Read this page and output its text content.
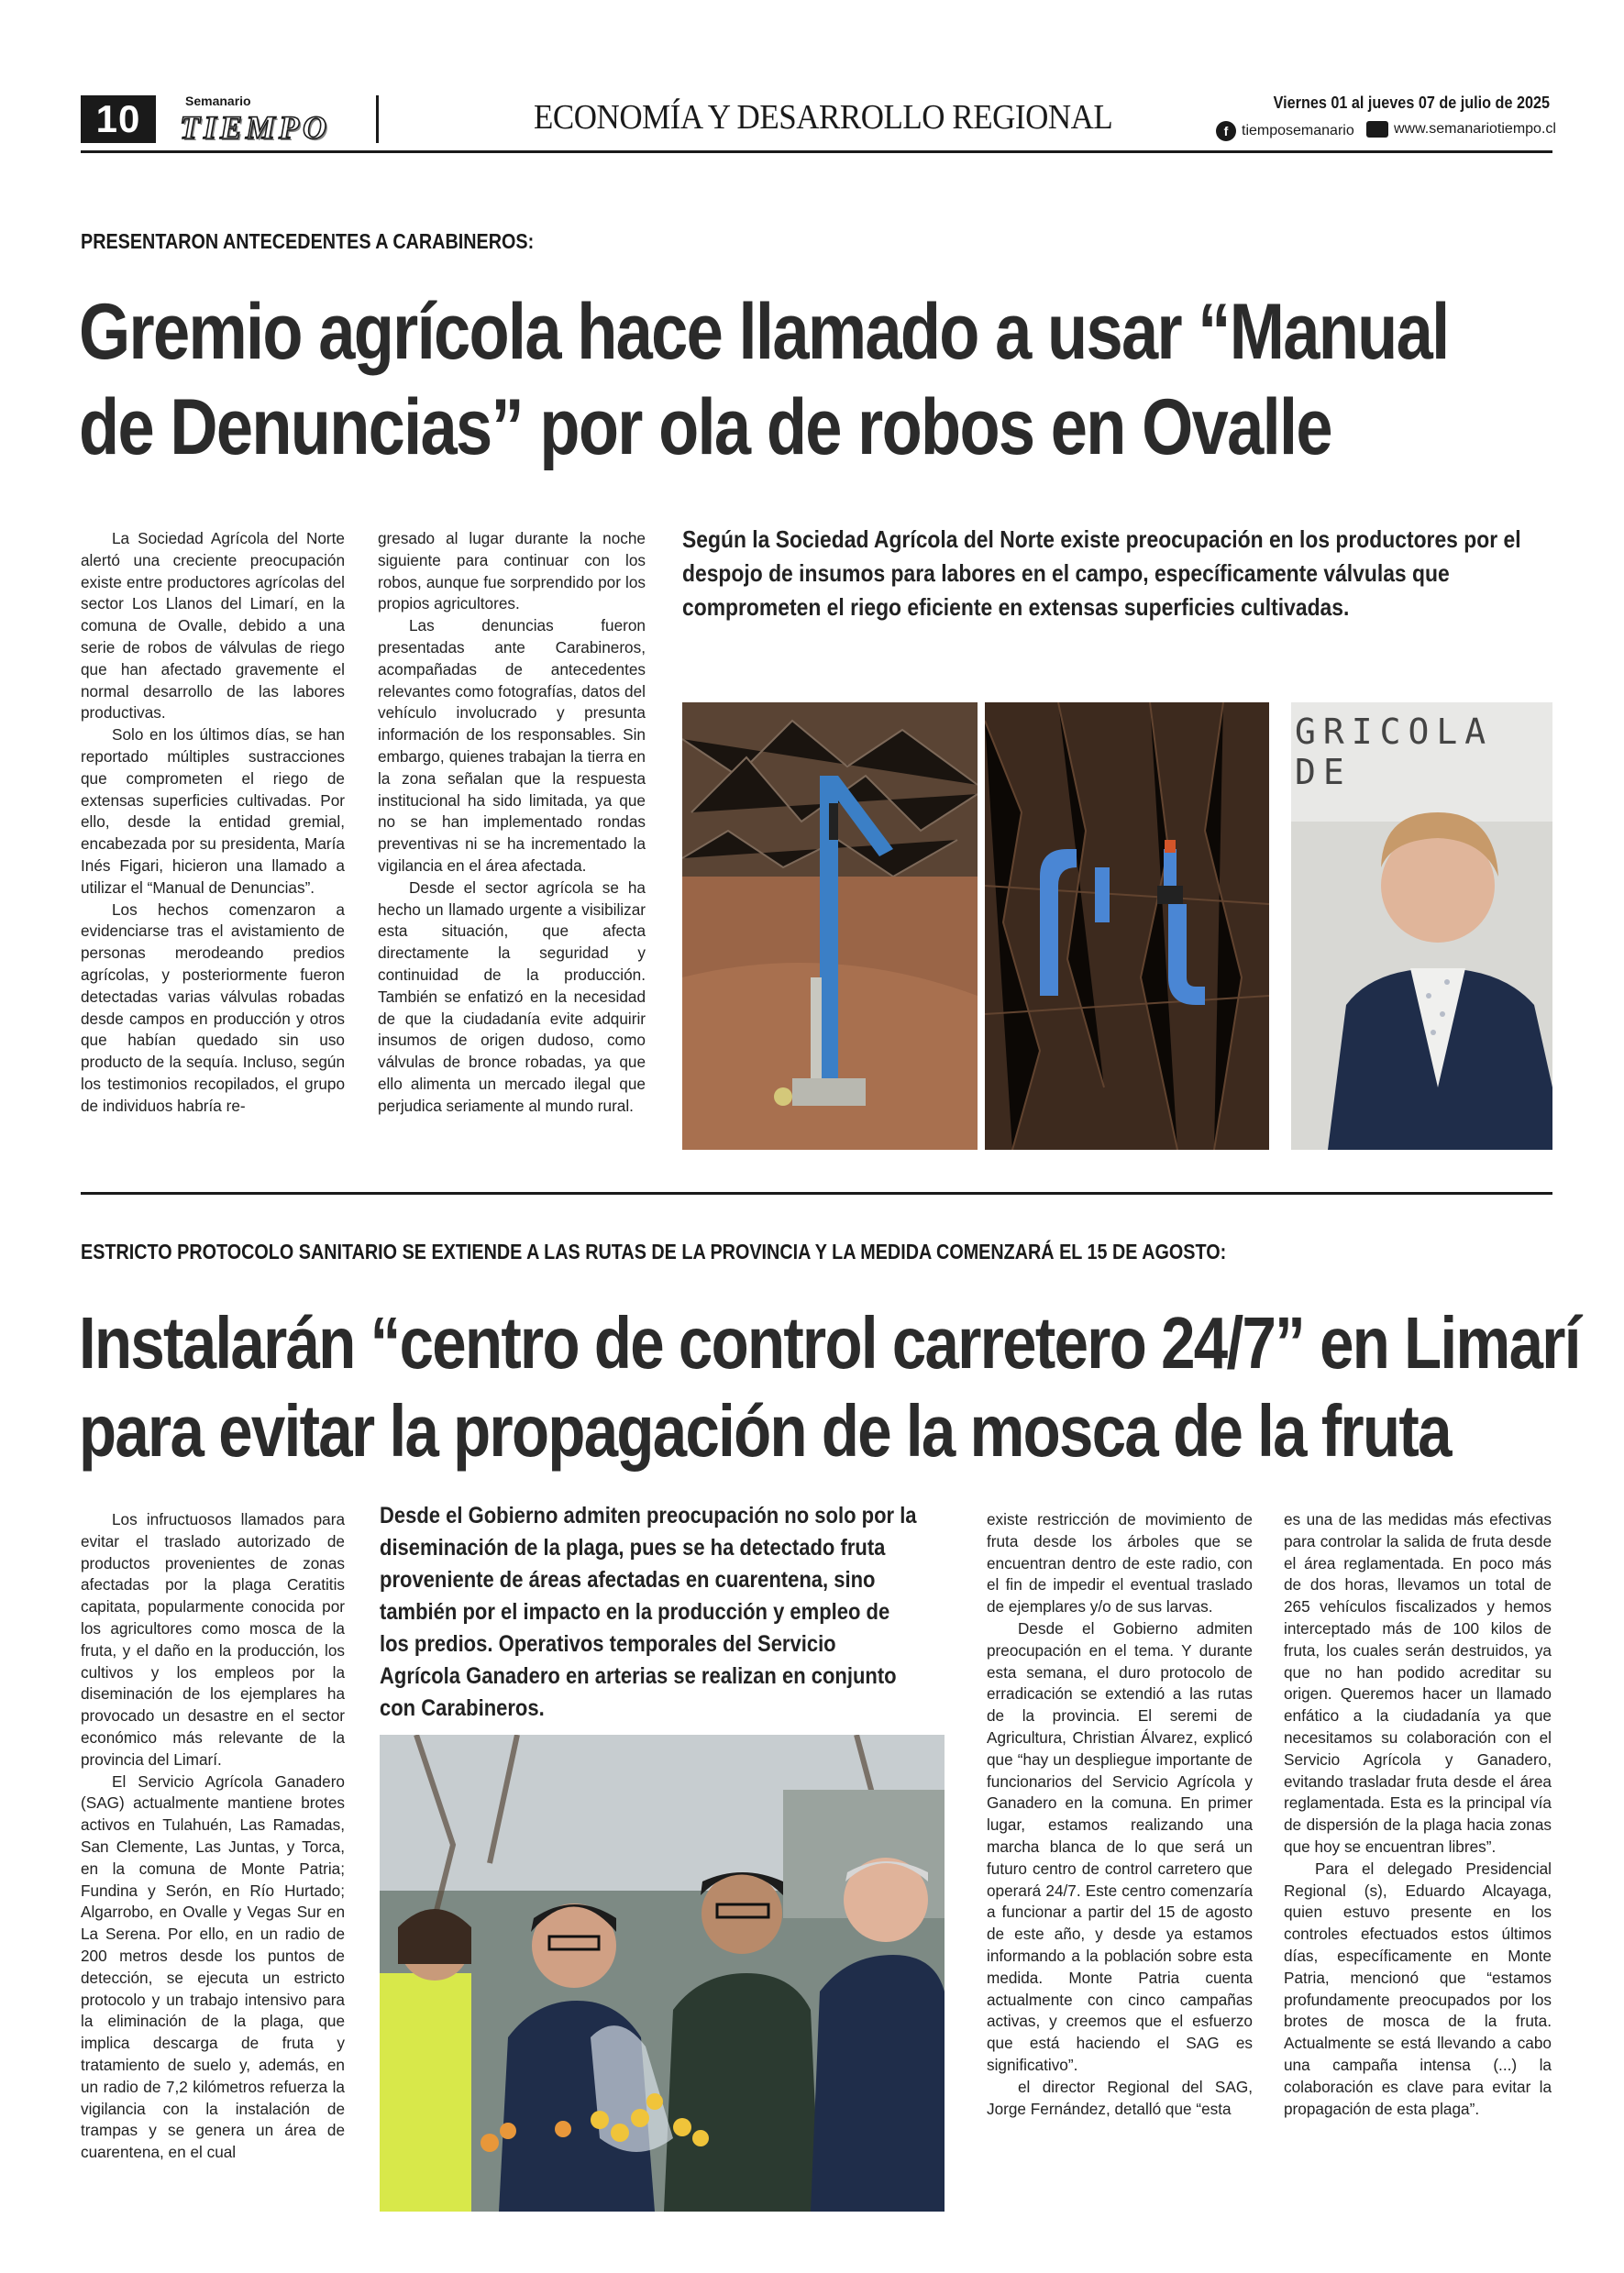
10	Semanario
TIEMPO	ECONOMÍA Y DESARROLLO REGIONAL	Viernes 01 al jueves 07 de julio de 2025
f tiemposemanario	www.semanariotiempo.cl
PRESENTARON ANTECEDENTES A CARABINEROS:
Gremio agrícola hace llamado a usar “Manual
de Denuncias” por ola de robos en Ovalle

La Sociedad Agrícola del Norte alertó una creciente preocupación existe entre productores agrícolas del sector Los Llanos del Limarí, en la comuna de Ovalle, debido a una serie de robos de válvulas de riego que han afectado gravemente el normal desarrollo de las labores productivas.

Solo en los últimos días, se han reportado múltiples sustracciones que comprometen el riego de extensas superficies cultivadas. Por ello, desde la entidad gremial, encabezada por su presidenta, María Inés Figari, hicieron una llamado a utilizar el “Manual de Denuncias”.

Los hechos comenzaron a evidenciarse tras el avistamiento de personas merodeando predios agrícolas, y posteriormente fueron detectadas varias válvulas robadas desde campos en producción y otros que habían quedado sin uso producto de la sequía. Incluso, según los testimonios recopilados, el grupo de individuos habría re-

gresado al lugar durante la noche siguiente para continuar con los robos, aunque fue sorprendido por los propios agricultores.

Las denuncias fueron presentadas ante Carabineros, acompañadas de antecedentes relevantes como fotografías, datos del vehículo involucrado y presunta información de los responsables. Sin embargo, quienes trabajan la tierra en la zona señalan que la respuesta institucional ha sido limitada, ya que no se han implementado rondas preventivas ni se ha incrementado la vigilancia en el área afectada.

Desde el sector agrícola se ha hecho un llamado urgente a visibilizar esta situación, que afecta directamente la seguridad y continuidad de la producción. También se enfatizó en la necesidad de que la ciudadanía evite adquirir insumos de origen dudoso, como válvulas de bronce robadas, ya que ello alimenta un mercado ilegal que perjudica seriamente al mundo rural.

Según la Sociedad Agrícola del Norte existe preocupación en los productores por el despojo de insumos para labores en el campo, específicamente válvulas que comprometen el riego eficiente en extensas superficies cultivadas.
GRICOLA DE
ESTRICTO PROTOCOLO SANITARIO SE EXTIENDE A LAS RUTAS DE LA PROVINCIA Y LA MEDIDA COMENZARÁ EL 15 DE AGOSTO:
Instalarán “centro de control carretero 24/7” en Limarí
para evitar la propagación de la mosca de la fruta

Los infructuosos llamados para evitar el traslado autorizado de productos provenientes de zonas afectadas por la plaga Ceratitis capitata, popularmente conocida por los agricultores como mosca de la fruta, y el daño en la producción, los cultivos y los empleos por la diseminación de los ejemplares ha provocado un desastre en el sector económico más relevante de la provincia del Limarí.

El Servicio Agrícola Ganadero (SAG) actualmente mantiene brotes activos en Tulahuén, Las Ramadas, San Clemente, Las Juntas, y Torca, en la comuna de Monte Patria; Fundina y Serón, en Río Hurtado; Algarrobo, en Ovalle y Vegas Sur en La Serena. Por ello, en un radio de 200 metros desde los puntos de detección, se ejecuta un estricto protocolo y un trabajo intensivo para la eliminación de la plaga, que implica descarga de fruta y tratamiento de suelo y, además, en un radio de 7,2 kilómetros refuerza la vigilancia con la instalación de trampas y se genera un área de cuarentena, en el cual

Desde el Gobierno admiten preocupación no solo por la diseminación de la plaga, pues se ha detectado fruta proveniente de áreas afectadas en cuarentena, sino también por el impacto en la producción y empleo de los predios. Operativos temporales del Servicio Agrícola Ganadero en arterias se realizan en conjunto con Carabineros.

existe restricción de movimiento de fruta desde los árboles que se encuentran dentro de este radio, con el fin de impedir el eventual traslado de ejemplares y/o de sus larvas.

Desde el Gobierno admiten preocupación en el tema. Y durante esta semana, el duro protocolo de erradicación se extendió a las rutas de la provincia. El seremi de Agricultura, Christian Álvarez, explicó que “hay un despliegue importante de funcionarios del Servicio Agrícola y Ganadero en la comuna. En primer lugar, estamos realizando una marcha blanca de lo que será un futuro centro de control carretero que operará 24/7. Este centro comenzaría a funcionar a partir del 15 de agosto de este año, y desde ya estamos informando a la población sobre esta medida. Monte Patria cuenta actualmente con cinco campañas activas, y creemos que el esfuerzo que está haciendo el SAG es significativo”.

el director Regional del SAG, Jorge Fernández, detalló que “esta

es una de las medidas más efectivas para controlar la salida de fruta desde el área reglamentada. En poco más de dos horas, llevamos un total de 265 vehículos fiscalizados y hemos interceptado más de 100 kilos de fruta, los cuales serán destruidos, ya que no han podido acreditar su origen. Queremos hacer un llamado enfático a la ciudadanía ya que necesitamos su colaboración con el Servicio Agrícola y Ganadero, evitando trasladar fruta desde el área reglamentada. Esta es la principal vía de dispersión de la plaga hacia zonas que hoy se encuentran libres”.

Para el delegado Presidencial Regional (s), Eduardo Alcayaga, quien estuvo presente en los controles efectuados estos últimos días, específicamente en Monte Patria, mencionó que “estamos profundamente preocupados por los brotes de mosca de la fruta. Actualmente se está llevando a cabo una campaña intensa (...) la colaboración es clave para evitar la propagación de esta plaga”.
